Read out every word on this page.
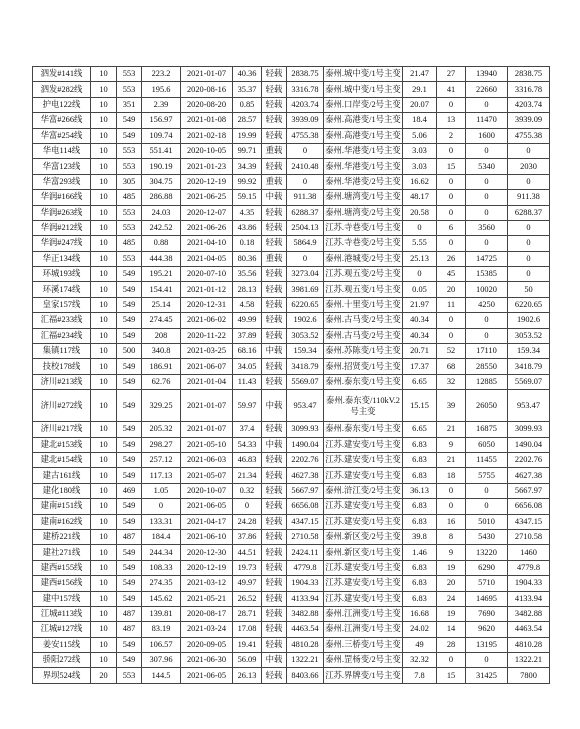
泗发#141线	10	553	223.2	2021-01-07	40.36	轻载	2838.75	泰州.城中变/1号主变	21.47	27	13940	2838.75
泗发#282线	10	553	195.6	2020-08-16	35.37	轻载	3316.78	泰州.城中变/1号主变	29.1	41	22660	3316.78
护电122线	10	351	2.39	2020-08-20	0.85	轻载	4203.74	泰州.口岸变/2号主变	20.07	0	0	4203.74
华富#266线	10	549	156.97	2021-01-08	28.57	轻载	3939.09	泰州.高港变/1号主变	18.4	13	11470	3939.09
华富#254线	10	549	109.74	2021-02-18	19.99	轻载	4755.38	泰州.高港变/1号主变	5.06	2	1600	4755.38
华电114线	10	553	551.41	2020-10-05	99.71	重载	0	泰州.华港变/1号主变	3.03	0	0	0
华富123线	10	553	190.19	2021-01-23	34.39	轻载	2410.48	泰州.华港变/1号主变	3.03	15	5340	2030
华富293线	10	305	304.75	2020-12-19	99.92	重载	0	泰州.华港变/2号主变	16.62	0	0	0
华润#166线	10	485	286.88	2021-06-25	59.15	中载	911.38	泰州.塘湾变/1号主变	48.17	0	0	911.38
华润#263线	10	553	24.03	2020-12-07	4.35	轻载	6288.37	泰州.塘湾变/2号主变	20.58	0	0	6288.37
华润#212线	10	553	242.52	2021-06-26	43.86	轻载	2504.13	江苏.寺巷变/1号主变	0	6	3560	0
华润#247线	10	485	0.88	2021-04-10	0.18	轻载	5864.9	江苏.寺巷变/2号主变	5.55	0	0	0
华正134线	10	553	444.38	2021-04-05	80.36	重载	0	泰州.港城变/2号主变	25.13	26	14725	0
环城193线	10	549	195.21	2020-07-10	35.56	轻载	3273.04	江苏.观五变/2号主变	0	45	15385	0
环溪174线	10	549	154.41	2021-01-12	28.13	轻载	3981.69	江苏.观五变/1号主变	0.05	20	10020	50
皇家157线	10	549	25.14	2020-12-31	4.58	轻载	6220.65	泰州.十里变/1号主变	21.97	11	4250	6220.65
汇福#233线	10	549	274.45	2021-06-02	49.99	轻载	1902.6	泰州.古马变/2号主变	40.34	0	0	1902.6
汇福#234线	10	549	208	2020-11-22	37.89	轻载	3053.52	泰州.古马变/2号主变	40.34	0	0	3053.52
集镇117线	10	500	340.8	2021-03-25	68.16	中载	159.34	泰州.苏陈变/1号主变	20.71	52	17110	159.34
技校178线	10	549	186.91	2021-06-07	34.05	轻载	3418.79	泰州.招贤变/1号主变	17.37	68	28550	3418.79
济川#213线	10	549	62.76	2021-01-04	11.43	轻载	5569.07	泰州.泰东变/1号主变	6.65	32	12885	5569.07
济川#272线	10	549	329.25	2021-01-07	59.97	中载	953.47	泰州.泰东变/110kV.2号主变	15.15	39	26050	953.47
济川#217线	10	549	205.32	2021-01-07	37.4	轻载	3099.93	泰州.泰东变/1号主变	6.65	21	16875	3099.93
建北#153线	10	549	298.27	2021-05-10	54.33	中载	1490.04	江苏.建安变/1号主变	6.83	9	6050	1490.04
建北#154线	10	549	257.12	2021-06-03	46.83	轻载	2202.76	江苏.建安变/1号主变	6.83	21	11455	2202.76
建古161线	10	549	117.13	2021-05-07	21.34	轻载	4627.38	江苏.建安变/1号主变	6.83	18	5755	4627.38
建化180线	10	469	1.05	2020-10-07	0.32	轻载	5667.97	泰州.浒江变/2号主变	36.13	0	0	5667.97
建南#151线	10	549	0	2021-06-05	0	轻载	6656.08	江苏.建安变/1号主变	6.83	0	0	6656.08
建南#162线	10	549	133.31	2021-04-17	24.28	轻载	4347.15	江苏.建安变/1号主变	6.83	16	5010	4347.15
建桥221线	10	487	184.4	2021-06-10	37.86	轻载	2710.58	泰州.新区变/2号主变	39.8	8	5430	2710.58
建社271线	10	549	244.34	2020-12-30	44.51	轻载	2424.11	泰州.新区变/1号主变	1.46	9	13220	1460
建西#155线	10	549	108.33	2020-12-19	19.73	轻载	4779.8	江苏.建安变/1号主变	6.83	19	6290	4779.8
建西#156线	10	549	274.35	2021-03-12	49.97	轻载	1904.33	江苏.建安变/1号主变	6.83	20	5710	1904.33
建中157线	10	549	145.62	2021-05-21	26.52	轻载	4133.94	江苏.建安变/1号主变	6.83	24	14695	4133.94
江城#113线	10	487	139.81	2020-08-17	28.71	轻载	3482.88	泰州.江洲变/1号主变	16.68	19	7690	3482.88
江城#127线	10	487	83.19	2021-03-24	17.08	轻载	4463.54	泰州.江洲变/1号主变	24.02	14	9620	4463.54
姜安115线	10	549	106.57	2020-09-05	19.41	轻载	4810.28	泰州.三桥变/1号主变	49	28	13195	4810.28
骄阳272线	10	549	307.96	2021-06-30	56.09	中载	1322.21	泰州.罡杨变/2号主变	32.32	0	0	1322.21
界坝524线	20	553	144.5	2021-06-05	26.13	轻载	8403.66	江苏.界牌变/1号主变	7.8	15	31425	7800
